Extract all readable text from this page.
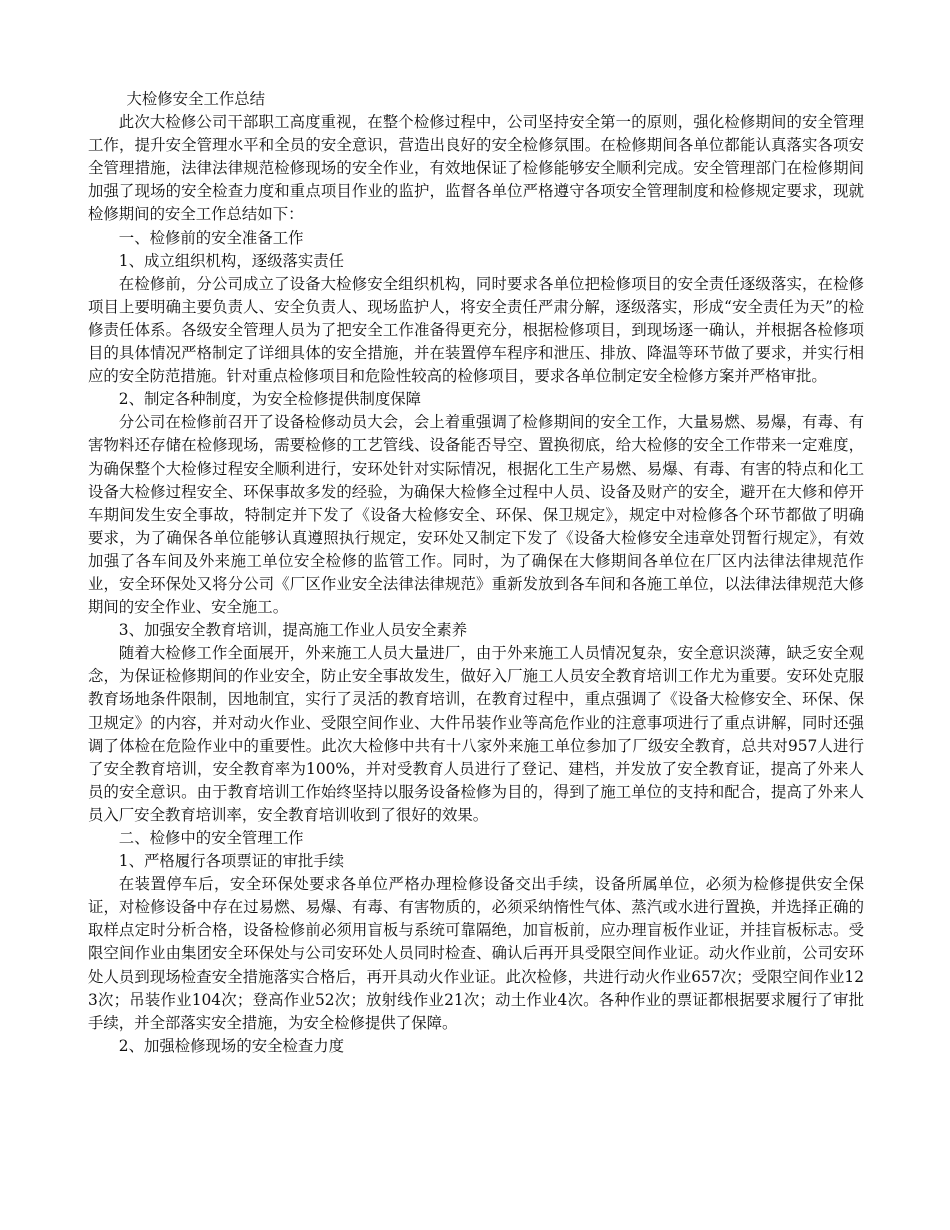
大检修安全工作总结

此次大检修公司干部职工高度重视，在整个检修过程中，公司坚持安全第一的原则，强化检修期间的安全管理工作，提升安全管理水平和全员的安全意识，营造出良好的安全检修氛围。在检修期间各单位都能认真落实各项安全管理措施，法律法律规范检修现场的安全作业，有效地保证了检修能够安全顺利完成。安全管理部门在检修期间加强了现场的安全检查力度和重点项目作业的监护，监督各单位严格遵守各项安全管理制度和检修规定要求，现就检修期间的安全工作总结如下：

一、检修前的安全准备工作

1、成立组织机构，逐级落实责任

在检修前，分公司成立了设备大检修安全组织机构，同时要求各单位把检修项目的安全责任逐级落实，在检修项目上要明确主要负责人、安全负责人、现场监护人，将安全责任严肃分解，逐级落实，形成“安全责任为天”的检修责任体系。各级安全管理人员为了把安全工作准备得更充分，根据检修项目，到现场逐一确认，并根据各检修项目的具体情况严格制定了详细具体的安全措施，并在装置停车程序和泄压、排放、降温等环节做了要求，并实行相应的安全防范措施。针对重点检修项目和危险性较高的检修项目，要求各单位制定安全检修方案并严格审批。

2、制定各种制度，为安全检修提供制度保障

分公司在检修前召开了设备检修动员大会，会上着重强调了检修期间的安全工作，大量易燃、易爆，有毒、有害物料还存储在检修现场，需要检修的工艺管线、设备能否导空、置换彻底，给大检修的安全工作带来一定难度，为确保整个大检修过程安全顺利进行，安环处针对实际情况，根据化工生产易燃、易爆、有毒、有害的特点和化工设备大检修过程安全、环保事故多发的经验，为确保大检修全过程中人员、设备及财产的安全，避开在大修和停开车期间发生安全事故，特制定并下发了《设备大检修安全、环保、保卫规定》，规定中对检修各个环节都做了明确要求，为了确保各单位能够认真遵照执行规定，安环处又制定下发了《设备大检修安全违章处罚暂行规定》，有效加强了各车间及外来施工单位安全检修的监管工作。同时，为了确保在大修期间各单位在厂区内法律法律规范作业，安全环保处又将分公司《厂区作业安全法律法律规范》重新发放到各车间和各施工单位，以法律法律规范大修期间的安全作业、安全施工。

3、加强安全教育培训，提高施工作业人员安全素养

随着大检修工作全面展开，外来施工人员大量进厂，由于外来施工人员情况复杂，安全意识淡薄，缺乏安全观念，为保证检修期间的作业安全，防止安全事故发生，做好入厂施工人员安全教育培训工作尤为重要。安环处克服教育场地条件限制，因地制宜，实行了灵活的教育培训，在教育过程中，重点强调了《设备大检修安全、环保、保卫规定》的内容，并对动火作业、受限空间作业、大件吊装作业等高危作业的注意事项进行了重点讲解，同时还强调了体检在危险作业中的重要性。此次大检修中共有十八家外来施工单位参加了厂级安全教育，总共对957人进行了安全教育培训，安全教育率为100%，并对受教育人员进行了登记、建档，并发放了安全教育证，提高了外来人员的安全意识。由于教育培训工作始终坚持以服务设备检修为目的，得到了施工单位的支持和配合，提高了外来人员入厂安全教育培训率，安全教育培训收到了很好的效果。

二、检修中的安全管理工作

1、严格履行各项票证的审批手续

在装置停车后，安全环保处要求各单位严格办理检修设备交出手续，设备所属单位，必须为检修提供安全保证，对检修设备中存在过易燃、易爆、有毒、有害物质的，必须采纳惰性气体、蒸汽或水进行置换，并选择正确的取样点定时分析合格，设备检修前必须用盲板与系统可靠隔绝，加盲板前，应办理盲板作业证，并挂盲板标志。受限空间作业由集团安全环保处与公司安环处人员同时检查、确认后再开具受限空间作业证。动火作业前，公司安环处人员到现场检查安全措施落实合格后，再开具动火作业证。此次检修，共进行动火作业657次；受限空间作业123次；吊装作业104次；登高作业52次；放射线作业21次；动土作业4次。各种作业的票证都根据要求履行了审批手续，并全部落实安全措施，为安全检修提供了保障。

2、加强检修现场的安全检查力度
